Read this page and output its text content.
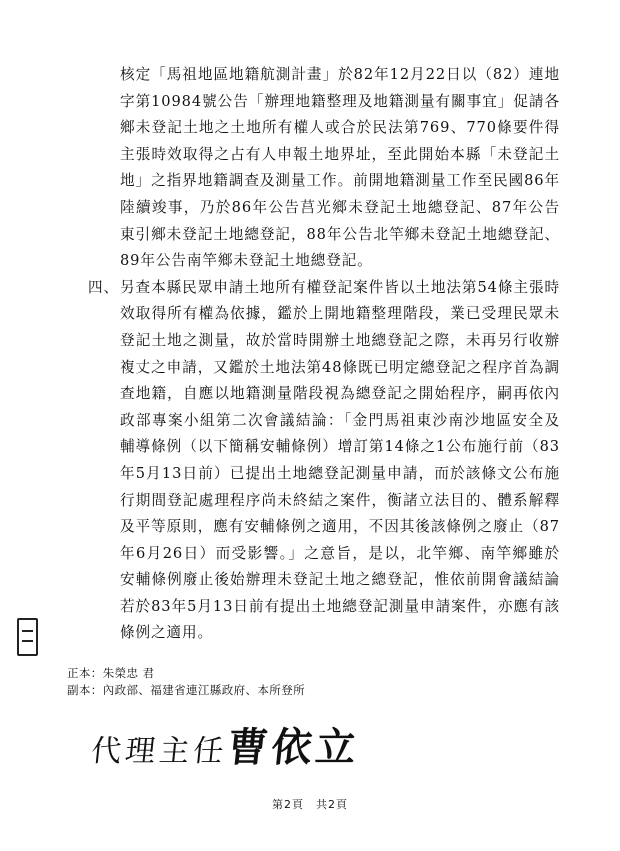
核定「馬祖地區地籍航測計畫」於82年12月22日以（82）連地字第10984號公告「辦理地籍整理及地籍測量有關事宜」促請各鄉未登記土地之土地所有權人或合於民法第769、770條要件得主張時效取得之占有人申報土地界址，至此開始本縣「未登記土地」之指界地籍調查及測量工作。前開地籍測量工作至民國86年陸續竣事，乃於86年公告莒光鄉未登記土地總登記、87年公告東引鄉未登記土地總登記，88年公告北竿鄉未登記土地總登記、89年公告南竿鄉未登記土地總登記。

四、 另查本縣民眾申請土地所有權登記案件皆以土地法第54條主張時效取得所有權為依據，鑑於上開地籍整理階段，業已受理民眾未登記土地之測量，故於當時開辦土地總登記之際，未再另行收辦複丈之申請，又鑑於土地法第48條既已明定總登記之程序首為調查地籍，自應以地籍測量階段視為總登記之開始程序，嗣再依內政部專案小組第二次會議結論：「金門馬祖東沙南沙地區安全及輔導條例（以下簡稱安輔條例）增訂第14條之1公布施行前（83年5月13日前）已提出土地總登記測量申請，而於該條文公布施行期間登記處理程序尚未終結之案件，衡諸立法目的、體系解釋及平等原則，應有安輔條例之適用，不因其後該條例之廢止（87年6月26日）而受影響。」之意旨，是以，北竿鄉、南竿鄉雖於安輔條例廢止後始辦理未登記土地之總登記，惟依前開會議結論若於83年5月13日前有提出土地總登記測量申請案件，亦應有該條例之適用。

正本：朱榮忠 君
副本：內政部、福建省連江縣政府、本所登所
代理主任曹依立
第2頁　共2頁
